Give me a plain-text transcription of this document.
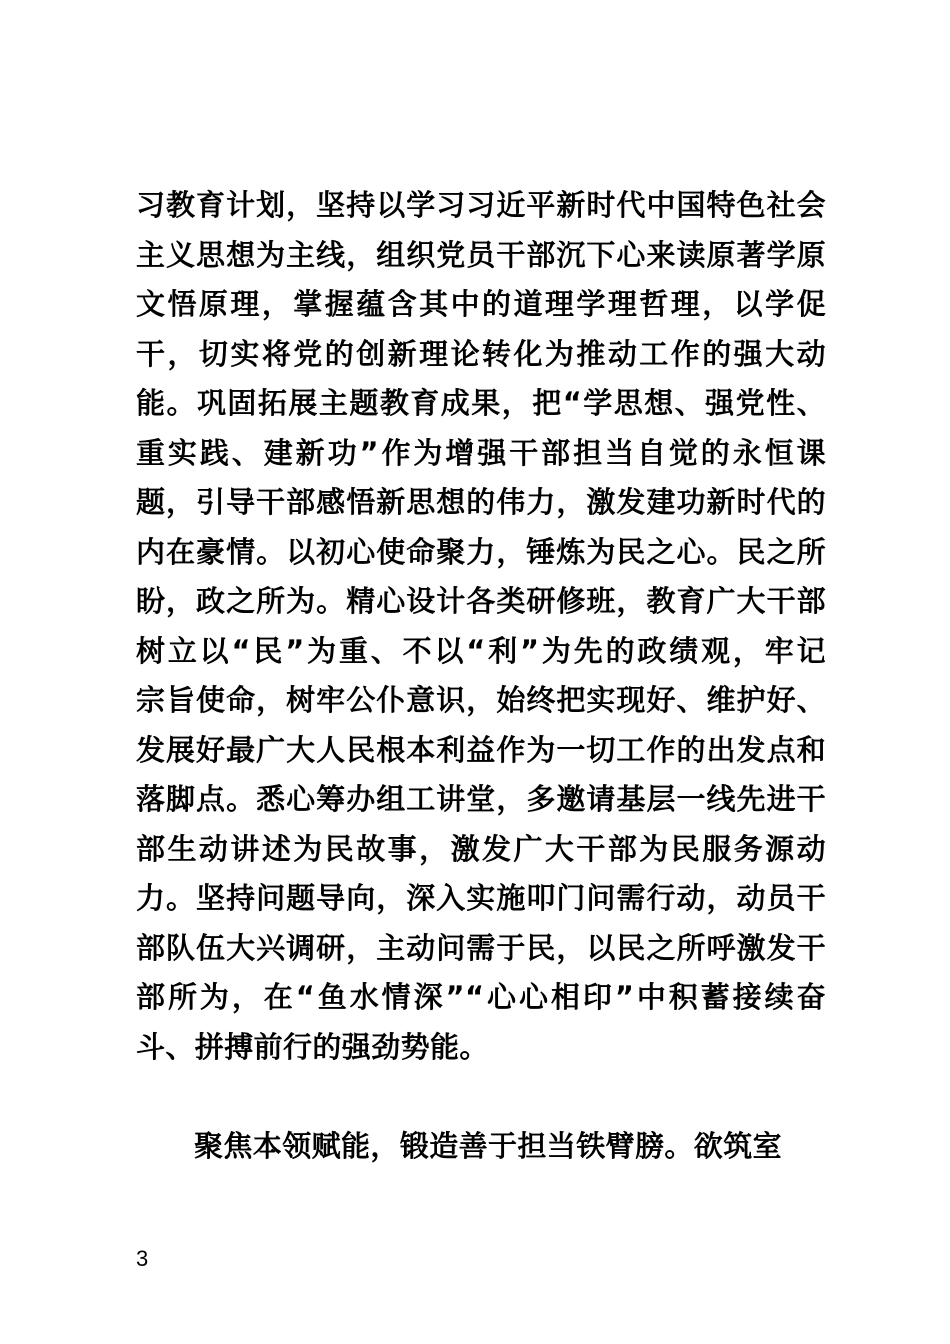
习教育计划，坚持以学习习近平新时代中国特色社会
主义思想为主线，组织党员干部沉下心来读原著学原
文悟原理，掌握蕴含其中的道理学理哲理，以学促
干，切实将党的创新理论转化为推动工作的强大动
能。巩固拓展主题教育成果，把“学思想、强党性、
重实践、建新功”作为增强干部担当自觉的永恒课
题，引导干部感悟新思想的伟力，激发建功新时代的
内在豪情。以初心使命聚力，锤炼为民之心。民之所
盼，政之所为。精心设计各类研修班，教育广大干部
树立以“民”为重、不以“利”为先的政绩观，牢记
宗旨使命，树牢公仆意识，始终把实现好、维护好、
发展好最广大人民根本利益作为一切工作的出发点和
落脚点。悉心筹办组工讲堂，多邀请基层一线先进干
部生动讲述为民故事，激发广大干部为民服务源动
力。坚持问题导向，深入实施叩门问需行动，动员干
部队伍大兴调研，主动问需于民，以民之所呼激发干
部所为，在“鱼水情深”“心心相印”中积蓄接续奋
斗、拼搏前行的强劲势能。
聚焦本领赋能，锻造善于担当铁臂膀。欲筑室
3
